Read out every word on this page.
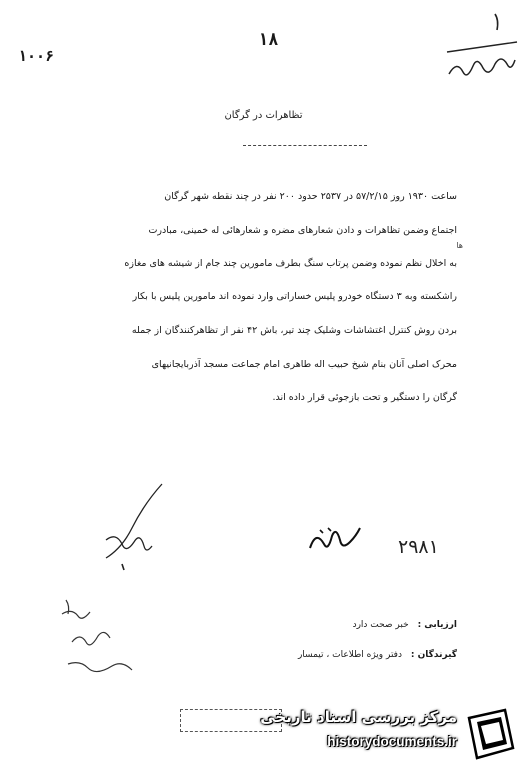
۱۰۰۶
۱۸
تظاهرات در گرگان
ساعت ۱۹۳۰ روز ۵۷/۲/۱۵ در ۲۵۳۷ حدود ۲۰۰ نفر در چند نقطه شهر گرگان
اجتماع وضمن تظاهرات و دادن شعارهای مضره و شعارهائی له خمینی، مبادرت
ها
به اخلال نظم نموده وضمن پرتاب سنگ بطرف مامورین چند جام از شیشه های مغازه
راشکسته وبه ۳ دستگاه خودرو پلیس خساراتی وارد نموده اند مامورین پلیس با بکار
بردن روش کنترل اغتشاشات وشلیک چند تیر، باش ۴۲ نفر از تظاهرکنندگان از جمله
محرک اصلی آنان بنام شیخ حبیب اله طاهری امام جماعت مسجد آذربایجانیهای
گرگان را دستگیر و تحت بازجوئی قرار داده اند.
۲۹۸۱
ارزیابی : خبر صحت دارد
گیرندگان : دفتر ویژه اطلاعات ، تیمسار
مرکز بررسی اسناد تاریخی
historydocuments.ir
